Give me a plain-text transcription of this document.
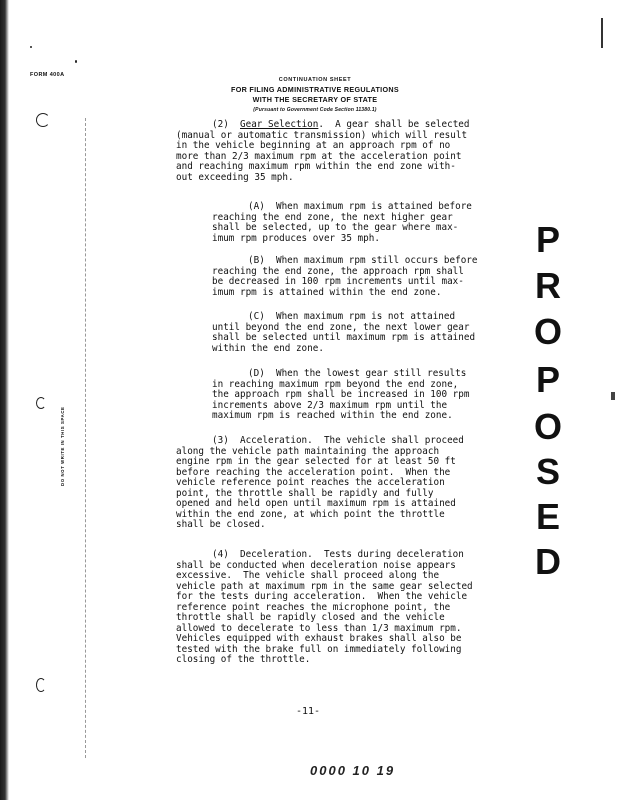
FORM 400A
CONTINUATION SHEET
FOR FILING ADMINISTRATIVE REGULATIONS
WITH THE SECRETARY OF STATE
(Pursuant to Government Code Section 11380.1)
DO NOT WRITE IN THIS SPACE

(2) Gear Selection.  A gear shall be selected

(manual or automatic transmission) which will result

in the vehicle beginning at an approach rpm of no

more than 2/3 maximum rpm at the acceleration point

and reaching maximum rpm within the end zone with-

out exceeding 35 mph.

(A)  When maximum rpm is attained before

reaching the end zone, the next higher gear

shall be selected, up to the gear where max-

imum rpm produces over 35 mph.

(B)  When maximum rpm still occurs before

reaching the end zone, the approach rpm shall

be decreased in 100 rpm increments until max-

imum rpm is attained within the end zone.

(C)  When maximum rpm is not attained

until beyond the end zone, the next lower gear

shall be selected until maximum rpm is attained

within the end zone.

(D)  When the lowest gear still results

in reaching maximum rpm beyond the end zone,

the approach rpm shall be increased in 100 rpm

increments above 2/3 maximum rpm until the

maximum rpm is reached within the end zone.

(3)  Acceleration.  The vehicle shall proceed

along the vehicle path maintaining the approach

engine rpm in the gear selected for at least 50 ft

before reaching the acceleration point.  When the

vehicle reference point reaches the acceleration

point, the throttle shall be rapidly and fully

opened and held open until maximum rpm is attained

within the end zone, at which point the throttle

shall be closed.

(4)  Deceleration.  Tests during deceleration

shall be conducted when deceleration noise appears

excessive.  The vehicle shall proceed along the

vehicle path at maximum rpm in the same gear selected

for the tests during acceleration.  When the vehicle

reference point reaches the microphone point, the

throttle shall be rapidly closed and the vehicle

allowed to decelerate to less than 1/3 maximum rpm.

Vehicles equipped with exhaust brakes shall also be

tested with the brake full on immediately following

closing of the throttle.

P
R
O
P
O
S
E
D
-11-
0000 10 19
